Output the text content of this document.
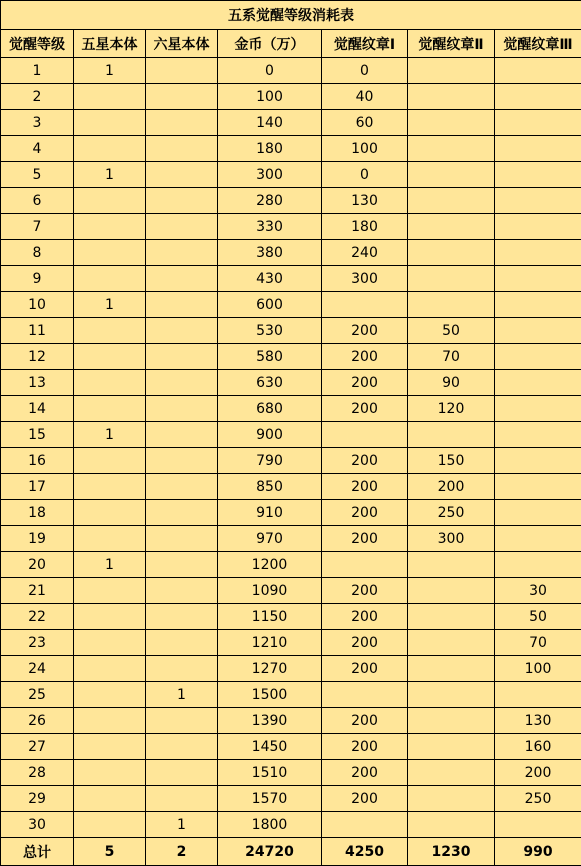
五系觉醒等级消耗表						
觉醒等级	五星本体	六星本体	金币（万）	觉醒纹章Ⅰ	觉醒纹章Ⅱ	觉醒纹章Ⅲ
1	1		0	0		
2			100	40		
3			140	60		
4			180	100		
5	1		300	0		
6			280	130		
7			330	180		
8			380	240		
9			430	300		
10	1		600			
11			530	200	50	
12			580	200	70	
13			630	200	90	
14			680	200	120	
15	1		900			
16			790	200	150	
17			850	200	200	
18			910	200	250	
19			970	200	300	
20	1		1200			
21			1090	200		30
22			1150	200		50
23			1210	200		70
24			1270	200		100
25		1	1500			
26			1390	200		130
27			1450	200		160
28			1510	200		200
29			1570	200		250
30		1	1800			
总计	5	2	24720	4250	1230	990
